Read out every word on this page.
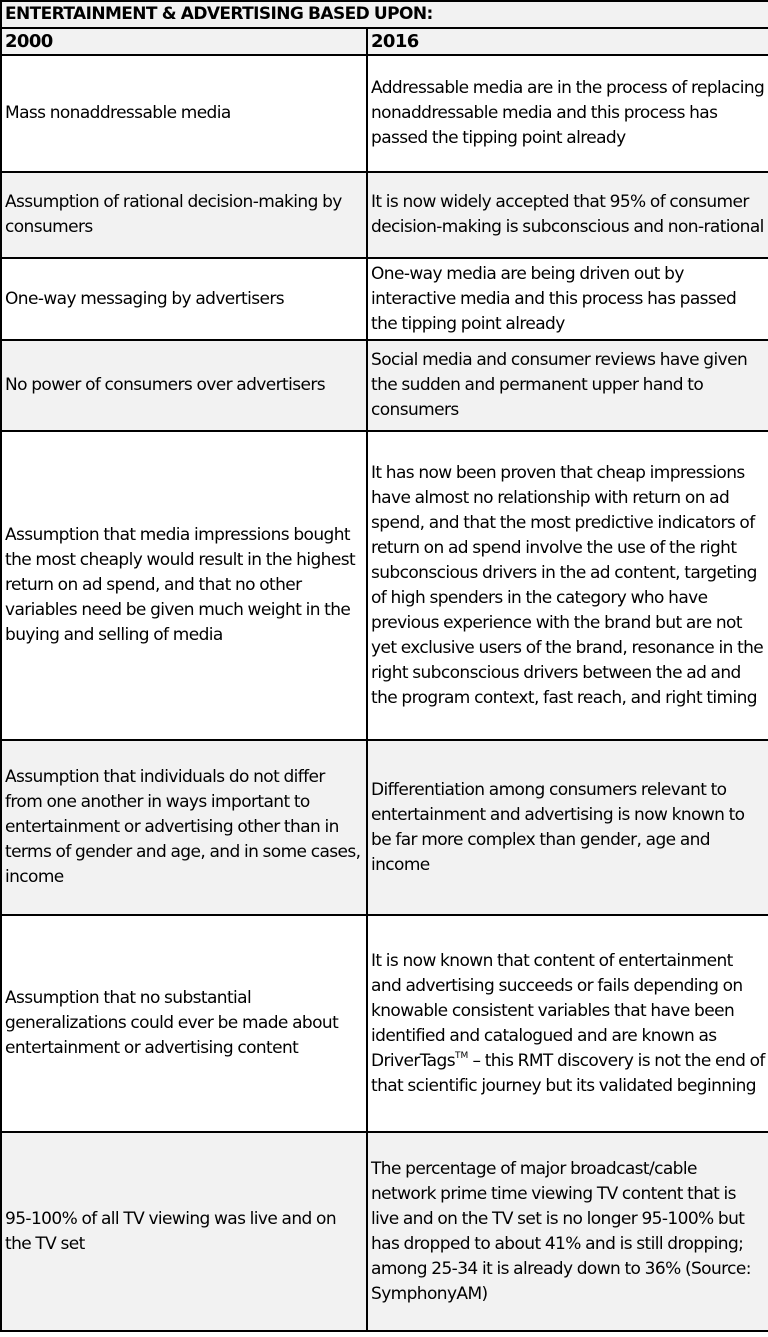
ENTERTAINMENT & ADVERTISING BASED UPON:	
2000	2016
Mass nonaddressable media	Addressable media are in the process of replacing nonaddressable media and this process has passed the tipping point already
Assumption of rational decision-making by consumers	It is now widely accepted that 95% of consumer decision-making is subconscious and non-rational
One-way messaging by advertisers	One-way media are being driven out by interactive media and this process has passed the tipping point already
No power of consumers over advertisers	Social media and consumer reviews have given the sudden and permanent upper hand to consumers
Assumption that media impressions bought the most cheaply would result in the highest return on ad spend, and that no other variables need be given much weight in the buying and selling of media	It has now been proven that cheap impressions have almost no relationship with return on ad spend, and that the most predictive indicators of return on ad spend involve the use of the right subconscious drivers in the ad content, targeting of high spenders in the category who have previous experience with the brand but are not yet exclusive users of the brand, resonance in the right subconscious drivers between the ad and the program context, fast reach, and right timing
Assumption that individuals do not differ from one another in ways important to entertainment or advertising other than in terms of gender and age, and in some cases, income	Differentiation among consumers relevant to entertainment and advertising is now known to be far more complex than gender, age and income
Assumption that no substantial generalizations could ever be made about entertainment or advertising content	It is now known that content of entertainment and advertising succeeds or fails depending on knowable consistent variables that have been identified and catalogued and are known as DriverTags™ – this RMT discovery is not the end of that scientific journey but its validated beginning
95-100% of all TV viewing was live and on the TV set	The percentage of major broadcast/cable network prime time viewing TV content that is live and on the TV set is no longer 95-100% but has dropped to about 41% and is still dropping; among 25-34 it is already down to 36% (Source: SymphonyAM)
